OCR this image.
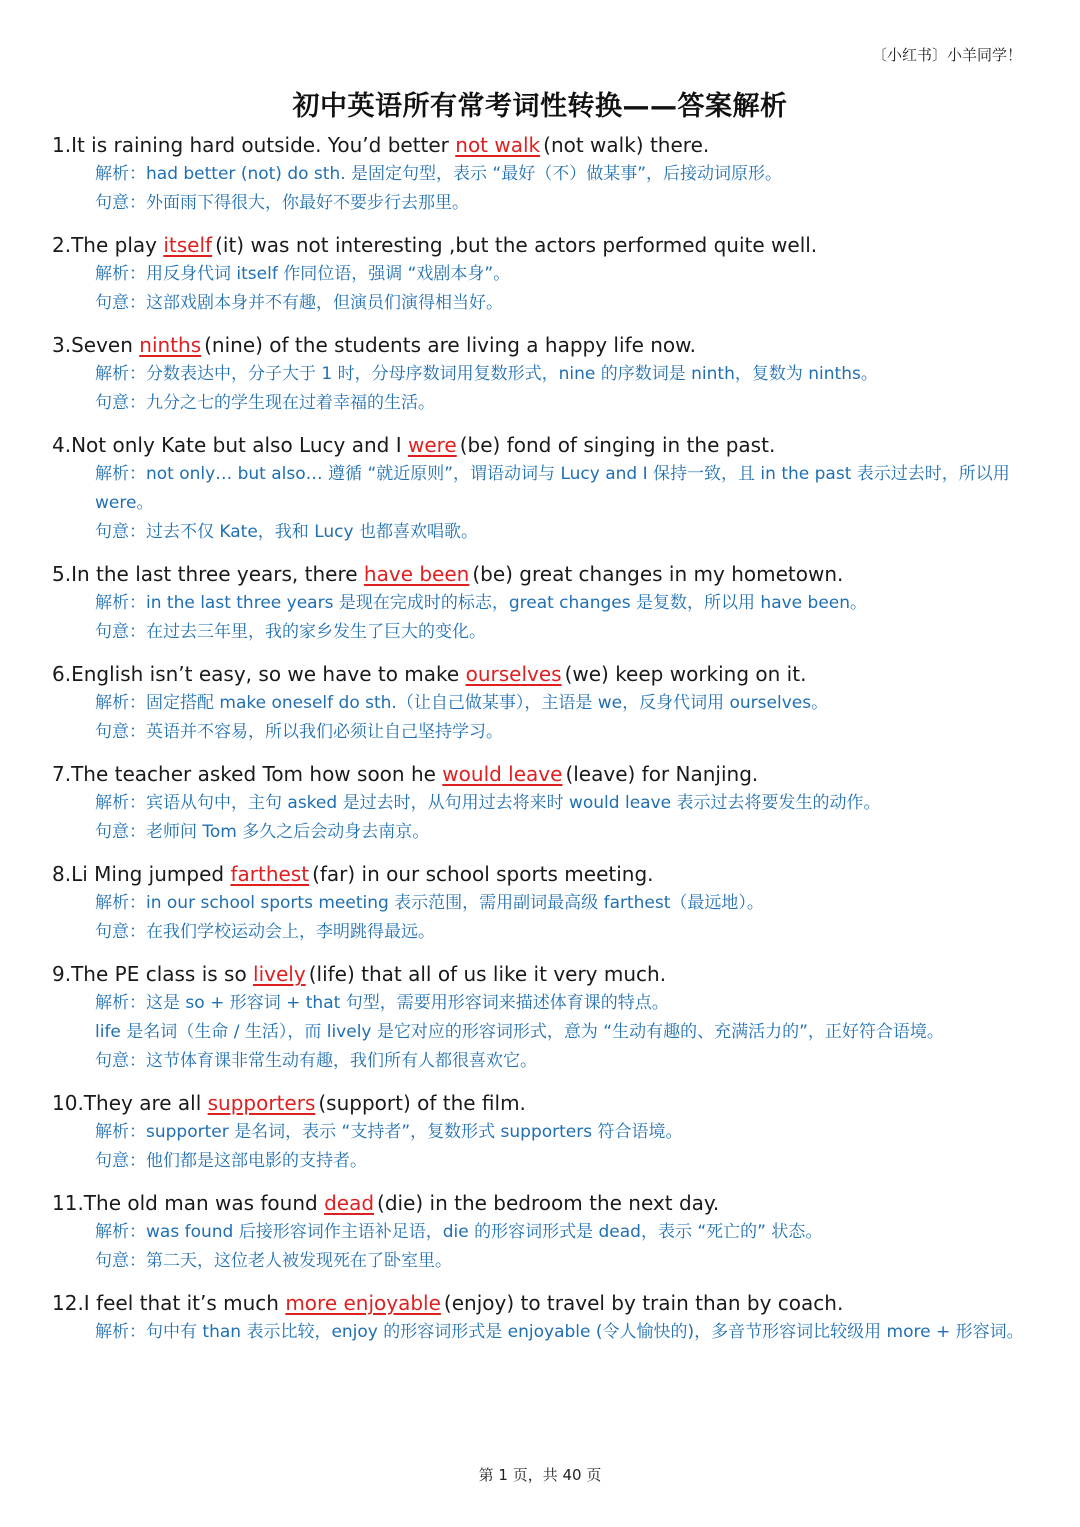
〔小红书〕小羊同学！
初中英语所有常考词性转换——答案解析
1.It is raining hard outside. You’d better not walk (not walk) there.
解析：had better (not) do sth. 是固定句型，表示 “最好（不）做某事”，后接动词原形。
句意：外面雨下得很大，你最好不要步行去那里。
2.The play itself (it) was not interesting ,but the actors performed quite well.
解析：用反身代词 itself 作同位语，强调 “戏剧本身”。
句意：这部戏剧本身并不有趣，但演员们演得相当好。
3.Seven ninths (nine) of the students are living a happy life now.
解析：分数表达中，分子大于 1 时，分母序数词用复数形式，nine 的序数词是 ninth，复数为 ninths。
句意：九分之七的学生现在过着幸福的生活。
4.Not only Kate but also Lucy and I were (be) fond of singing in the past.
解析：not only… but also… 遵循 “就近原则”，谓语动词与 Lucy and I 保持一致，且 in the past 表示过去时，所以用 were。
句意：过去不仅 Kate，我和 Lucy 也都喜欢唱歌。
5.In the last three years, there have been (be) great changes in my hometown.
解析：in the last three years 是现在完成时的标志，great changes 是复数，所以用 have been。
句意：在过去三年里，我的家乡发生了巨大的变化。
6.English isn’t easy, so we have to make ourselves (we) keep working on it.
解析：固定搭配 make oneself do sth.（让自己做某事），主语是 we，反身代词用 ourselves。
句意：英语并不容易，所以我们必须让自己坚持学习。
7.The teacher asked Tom how soon he would leave (leave) for Nanjing.
解析：宾语从句中，主句 asked 是过去时，从句用过去将来时 would leave 表示过去将要发生的动作。
句意：老师问 Tom 多久之后会动身去南京。
8.Li Ming jumped farthest (far) in our school sports meeting.
解析：in our school sports meeting 表示范围，需用副词最高级 farthest（最远地）。
句意：在我们学校运动会上，李明跳得最远。
9.The PE class is so lively (life) that all of us like it very much.
解析：这是 so + 形容词 + that 句型，需要用形容词来描述体育课的特点。
life 是名词（生命 / 生活），而 lively 是它对应的形容词形式，意为 “生动有趣的、充满活力的”，正好符合语境。
句意：这节体育课非常生动有趣，我们所有人都很喜欢它。
10.They are all supporters (support) of the film.
解析：supporter 是名词，表示 “支持者”，复数形式 supporters 符合语境。
句意：他们都是这部电影的支持者。
11.The old man was found dead (die) in the bedroom the next day.
解析：was found 后接形容词作主语补足语，die 的形容词形式是 dead，表示 “死亡的” 状态。
句意：第二天，这位老人被发现死在了卧室里。
12.I feel that it’s much more enjoyable (enjoy) to travel by train than by coach.
解析：句中有 than 表示比较，enjoy 的形容词形式是 enjoyable (令人愉快的)，多音节形容词比较级用 more + 形容词。
第 1 页，共 40 页
